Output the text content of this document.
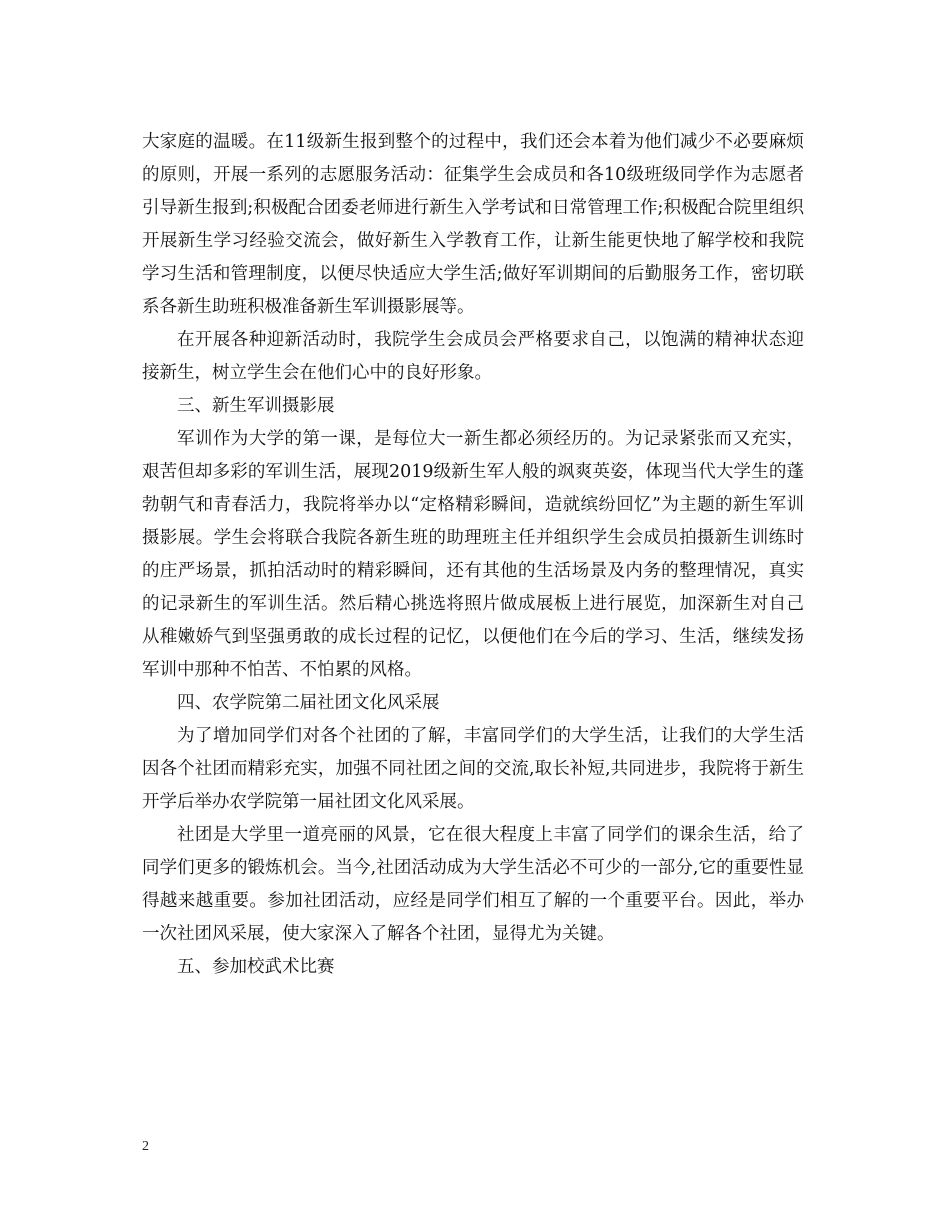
大家庭的温暖。在11级新生报到整个的过程中，我们还会本着为他们减少不必要麻烦的原则，开展一系列的志愿服务活动：征集学生会成员和各10级班级同学作为志愿者引导新生报到;积极配合团委老师进行新生入学考试和日常管理工作;积极配合院里组织开展新生学习经验交流会，做好新生入学教育工作，让新生能更快地了解学校和我院学习生活和管理制度，以便尽快适应大学生活;做好军训期间的后勤服务工作，密切联系各新生助班积极准备新生军训摄影展等。

在开展各种迎新活动时，我院学生会成员会严格要求自己，以饱满的精神状态迎接新生，树立学生会在他们心中的良好形象。

三、新生军训摄影展

军训作为大学的第一课，是每位大一新生都必须经历的。为记录紧张而又充实，艰苦但却多彩的军训生活，展现2019级新生军人般的飒爽英姿，体现当代大学生的蓬勃朝气和青春活力，我院将举办以“定格精彩瞬间，造就缤纷回忆”为主题的新生军训摄影展。学生会将联合我院各新生班的助理班主任并组织学生会成员拍摄新生训练时的庄严场景，抓拍活动时的精彩瞬间，还有其他的生活场景及内务的整理情况，真实的记录新生的军训生活。然后精心挑选将照片做成展板上进行展览，加深新生对自己从稚嫩娇气到坚强勇敢的成长过程的记忆，以便他们在今后的学习、生活，继续发扬军训中那种不怕苦、不怕累的风格。

四、农学院第二届社团文化风采展

为了增加同学们对各个社团的了解，丰富同学们的大学生活，让我们的大学生活因各个社团而精彩充实，加强不同社团之间的交流,取长补短,共同进步，我院将于新生开学后举办农学院第一届社团文化风采展。

社团是大学里一道亮丽的风景，它在很大程度上丰富了同学们的课余生活，给了同学们更多的锻炼机会。当今,社团活动成为大学生活必不可少的一部分,它的重要性显得越来越重要。参加社团活动，应经是同学们相互了解的一个重要平台。因此，举办一次社团风采展，使大家深入了解各个社团，显得尤为关键。

五、参加校武术比赛

2
